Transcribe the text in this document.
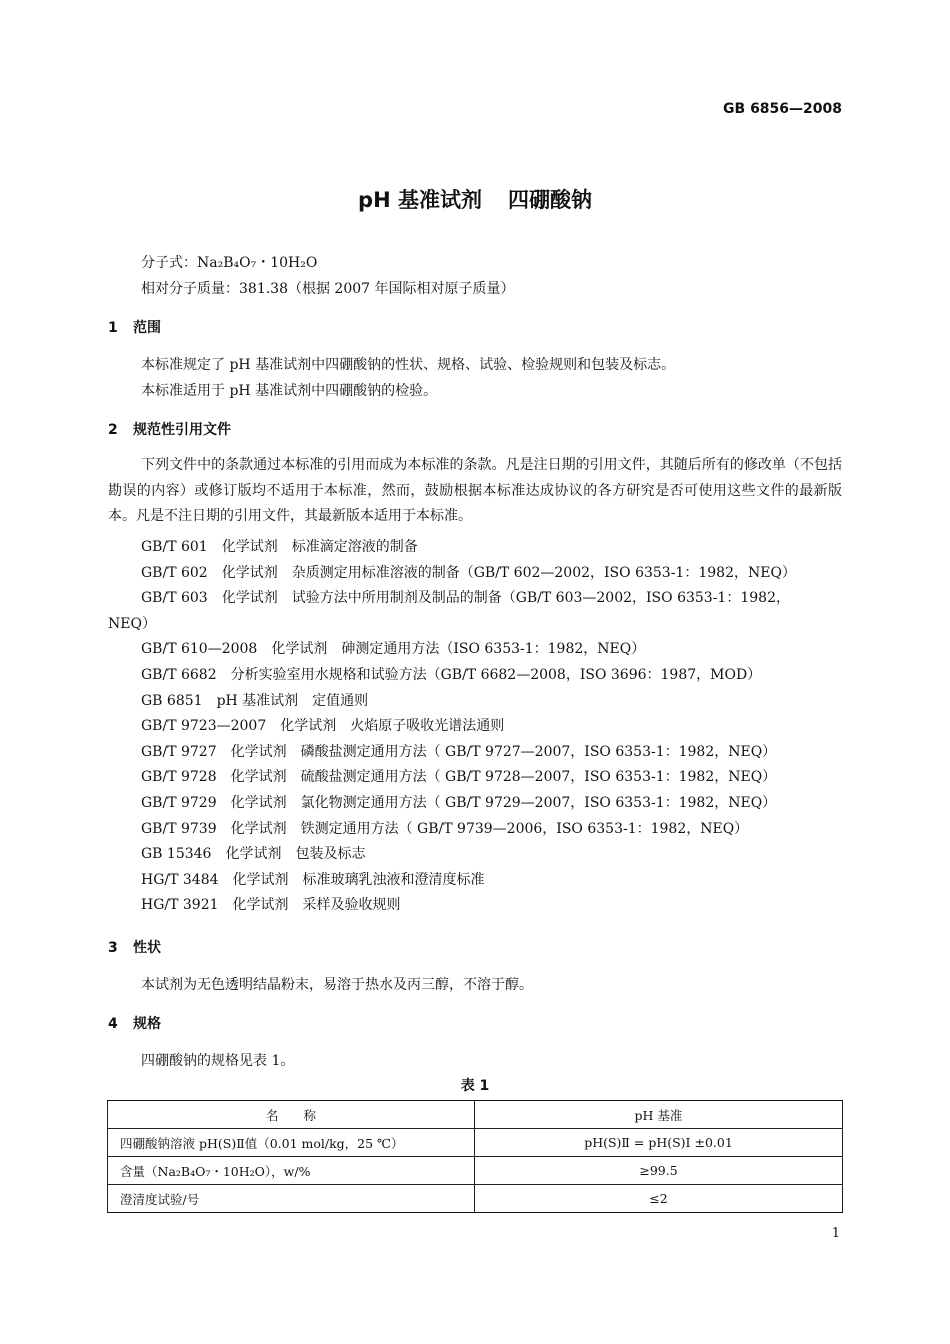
GB 6856—2008
pH 基准试剂 四硼酸钠
分子式：Na₂B₄O₇・10H₂O
相对分子质量：381.38（根据 2007 年国际相对原子质量）
1 范围
本标准规定了 pH 基准试剂中四硼酸钠的性状、规格、试验、检验规则和包装及标志。
本标准适用于 pH 基准试剂中四硼酸钠的检验。
2 规范性引用文件
下列文件中的条款通过本标准的引用而成为本标准的条款。凡是注日期的引用文件，其随后所有的修改单（不包括勘误的内容）或修订版均不适用于本标准，然而，鼓励根据本标准达成协议的各方研究是否可使用这些文件的最新版本。凡是不注日期的引用文件，其最新版本适用于本标准。
GB/T 601 化学试剂　标准滴定溶液的制备
GB/T 602 化学试剂　杂质测定用标准溶液的制备（GB/T 602—2002，ISO 6353-1：1982，NEQ）
GB/T 603 化学试剂　试验方法中所用制剂及制品的制备（GB/T 603—2002，ISO 6353-1：1982，
NEQ）
GB/T 610—2008 化学试剂　砷测定通用方法（ISO 6353-1：1982，NEQ）
GB/T 6682 分析实验室用水规格和试验方法（GB/T 6682—2008，ISO 3696：1987，MOD）
GB 6851 pH 基准试剂　定值通则
GB/T 9723—2007 化学试剂　火焰原子吸收光谱法通则
GB/T 9727 化学试剂　磷酸盐测定通用方法（ GB/T 9727—2007，ISO 6353-1：1982，NEQ）
GB/T 9728 化学试剂　硫酸盐测定通用方法（ GB/T 9728—2007，ISO 6353-1：1982，NEQ）
GB/T 9729 化学试剂　氯化物测定通用方法（ GB/T 9729—2007，ISO 6353-1：1982，NEQ）
GB/T 9739 化学试剂　铁测定通用方法（ GB/T 9739—2006，ISO 6353-1：1982，NEQ）
GB 15346 化学试剂　包装及标志
HG/T 3484 化学试剂　标准玻璃乳浊液和澄清度标准
HG/T 3921 化学试剂　采样及验收规则
3 性状
本试剂为无色透明结晶粉末，易溶于热水及丙三醇，不溶于醇。
4 规格
四硼酸钠的规格见表 1。
表 1
名　　称	pH 基准
四硼酸钠溶液 pH(S)Ⅱ值（0.01 mol/kg，25 ℃）	pH(S)Ⅱ = pH(S)Ⅰ ±0.01
含量（Na₂B₄O₇・10H₂O），w/%	≥99.5
澄清度试验/号	≤2
1
